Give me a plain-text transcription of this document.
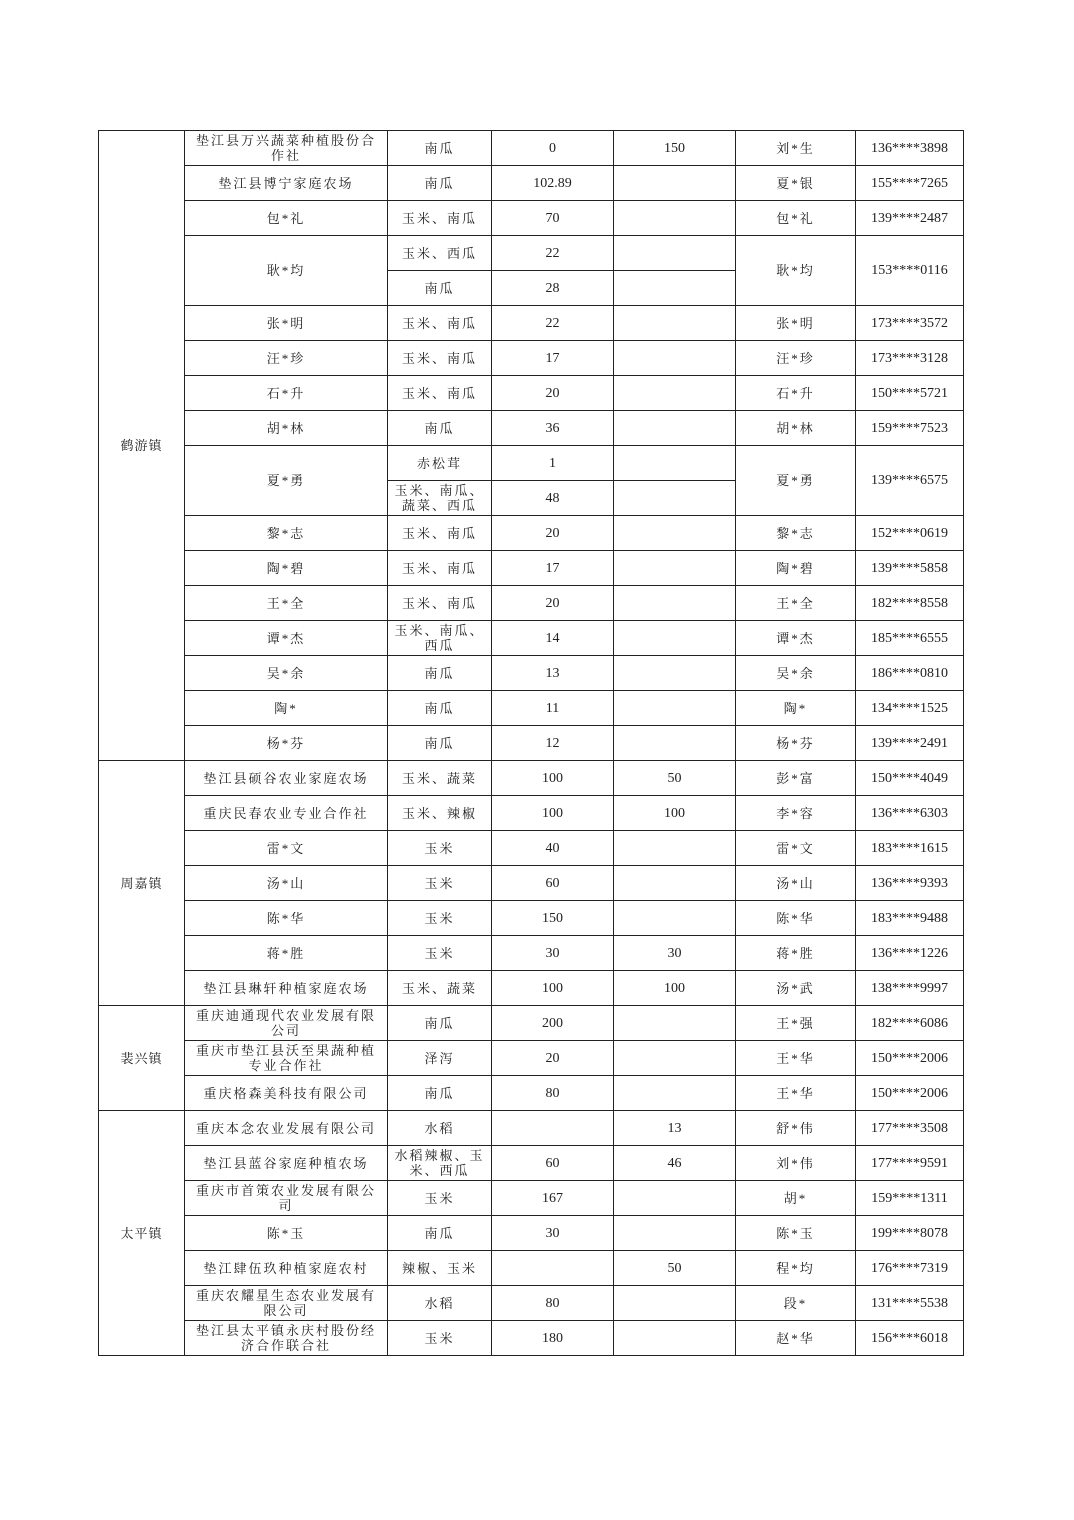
鹤游镇	垫江县万兴蔬菜种植股份合作社	南瓜	0	150	刘*生	136****3898
	垫江县博宁家庭农场	南瓜	102.89		夏*银	155****7265
	包*礼	玉米、南瓜	70		包*礼	139****2487
	耿*均	玉米、西瓜	22		耿*均	153****0116
		南瓜	28			
	张*明	玉米、南瓜	22		张*明	173****3572
	汪*珍	玉米、南瓜	17		汪*珍	173****3128
	石*升	玉米、南瓜	20		石*升	150****5721
	胡*林	南瓜	36		胡*林	159****7523
	夏*勇	赤松茸	1		夏*勇	139****6575
		玉米、南瓜、蔬菜、西瓜	48			
	黎*志	玉米、南瓜	20		黎*志	152****0619
	陶*碧	玉米、南瓜	17		陶*碧	139****5858
	王*全	玉米、南瓜	20		王*全	182****8558
	谭*杰	玉米、南瓜、西瓜	14		谭*杰	185****6555
	吴*余	南瓜	13		吴*余	186****0810
	陶*	南瓜	11		陶*	134****1525
	杨*芬	南瓜	12		杨*芬	139****2491
周嘉镇	垫江县硕谷农业家庭农场	玉米、蔬菜	100	50	彭*富	150****4049
	重庆民春农业专业合作社	玉米、辣椒	100	100	李*容	136****6303
	雷*文	玉米	40		雷*文	183****1615
	汤*山	玉米	60		汤*山	136****9393
	陈*华	玉米	150		陈*华	183****9488
	蒋*胜	玉米	30	30	蒋*胜	136****1226
	垫江县琳轩种植家庭农场	玉米、蔬菜	100	100	汤*武	138****9997
裴兴镇	重庆迪通现代农业发展有限公司	南瓜	200		王*强	182****6086
	重庆市垫江县沃至果蔬种植专业合作社	泽泻	20		王*华	150****2006
	重庆格森美科技有限公司	南瓜	80		王*华	150****2006
太平镇	重庆本念农业发展有限公司	水稻		13	舒*伟	177****3508
	垫江县蓝谷家庭种植农场	水稻辣椒、玉米、西瓜	60	46	刘*伟	177****9591
	重庆市首策农业发展有限公司	玉米	167		胡*	159****1311
	陈*玉	南瓜	30		陈*玉	199****8078
	垫江肆伍玖种植家庭农村	辣椒、玉米		50	程*均	176****7319
	重庆农耀星生态农业发展有限公司	水稻	80		段*	131****5538
	垫江县太平镇永庆村股份经济合作联合社	玉米	180		赵*华	156****6018
